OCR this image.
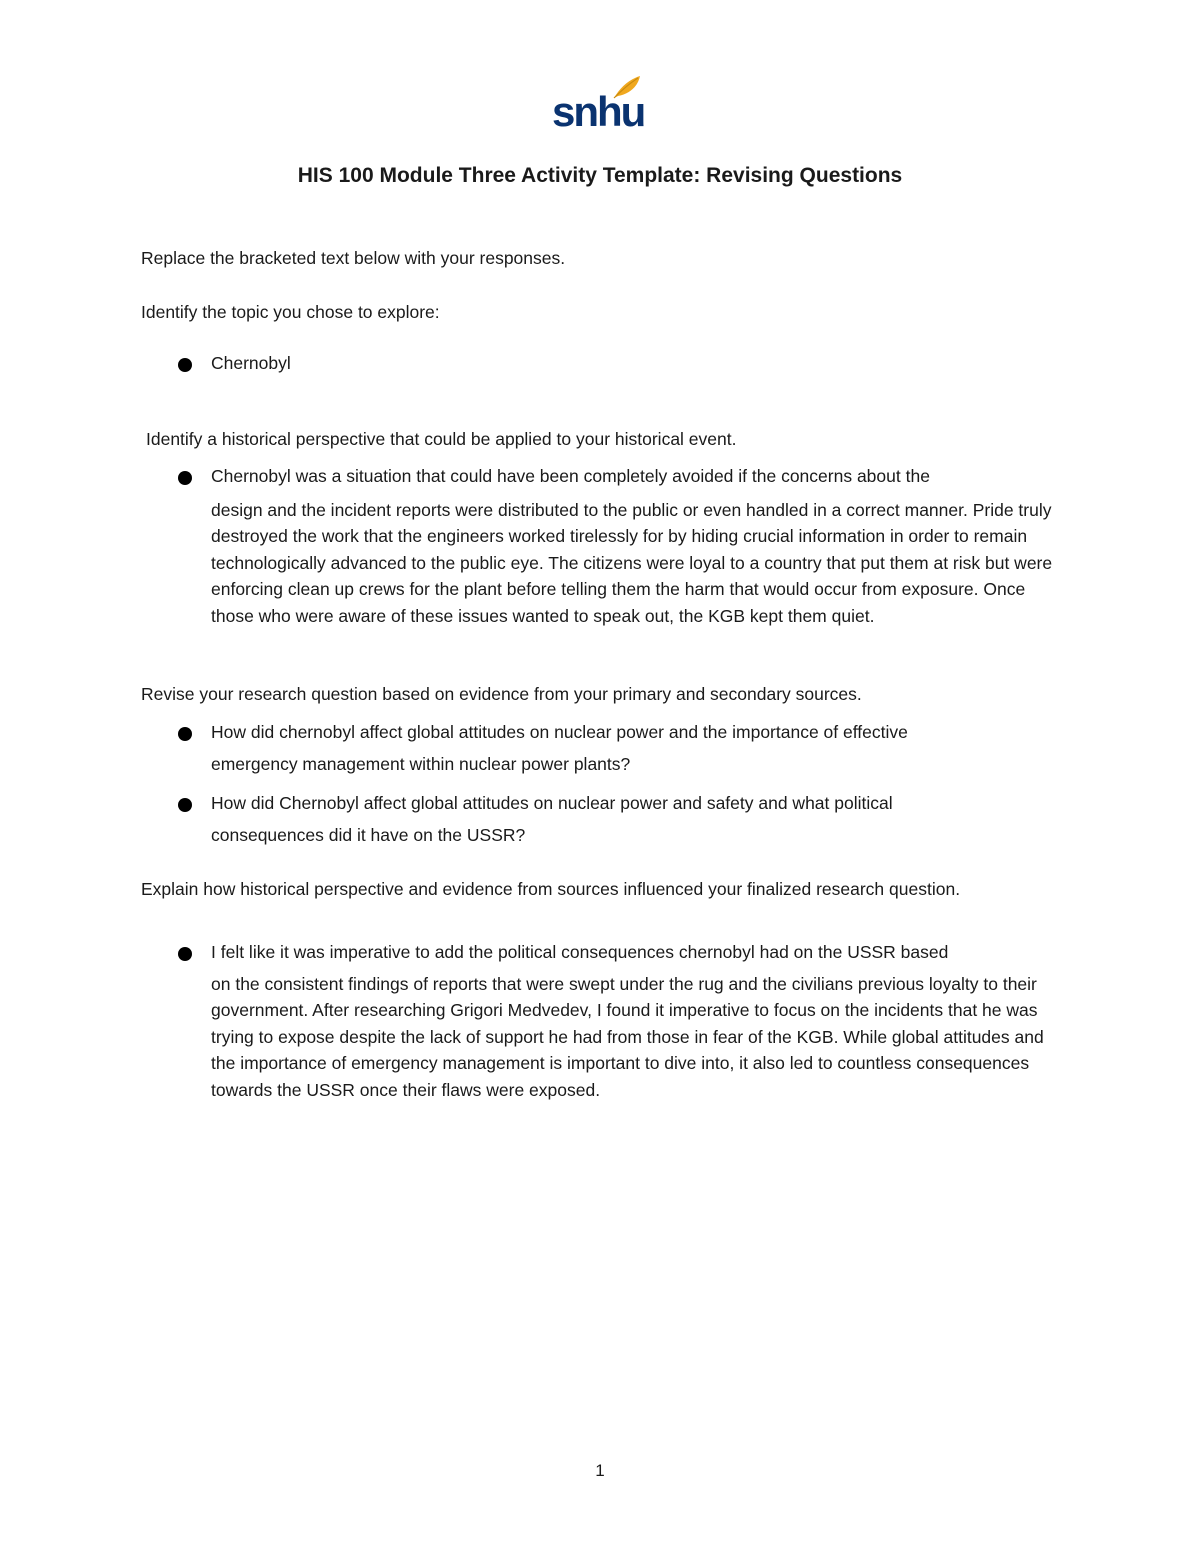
snhu
HIS 100 Module Three Activity Template: Revising Questions

Replace the bracketed text below with your responses.

Identify the topic you chose to explore:

Chernobyl

Identify a historical perspective that could be applied to your historical event.

Chernobyl was a situation that could have been completely avoided if the concerns about the
design and the incident reports were distributed to the public or even handled in a correct manner. Pride truly destroyed the work that the engineers worked tirelessly for by hiding crucial information in order to remain technologically advanced to the public eye. The citizens were loyal to a country that put them at risk but were enforcing clean up crews for the plant before telling them the harm that would occur from exposure. Once those who were aware of these issues wanted to speak out, the KGB kept them quiet.

Revise your research question based on evidence from your primary and secondary sources.

How did chernobyl affect global attitudes on nuclear power and the importance of effective
emergency management within nuclear power plants?
How did Chernobyl affect global attitudes on nuclear power and safety and what political
consequences did it have on the USSR?

Explain how historical perspective and evidence from sources influenced your finalized research question.

I felt like it was imperative to add the political consequences chernobyl had on the USSR based
on the consistent findings of reports that were swept under the rug and the civilians previous loyalty to their government. After researching Grigori Medvedev, I found it imperative to focus on the incidents that he was trying to expose despite the lack of support he had from those in fear of the KGB. While global attitudes and the importance of emergency management is important to dive into, it also led to countless consequences towards the USSR once their flaws were exposed.
1
